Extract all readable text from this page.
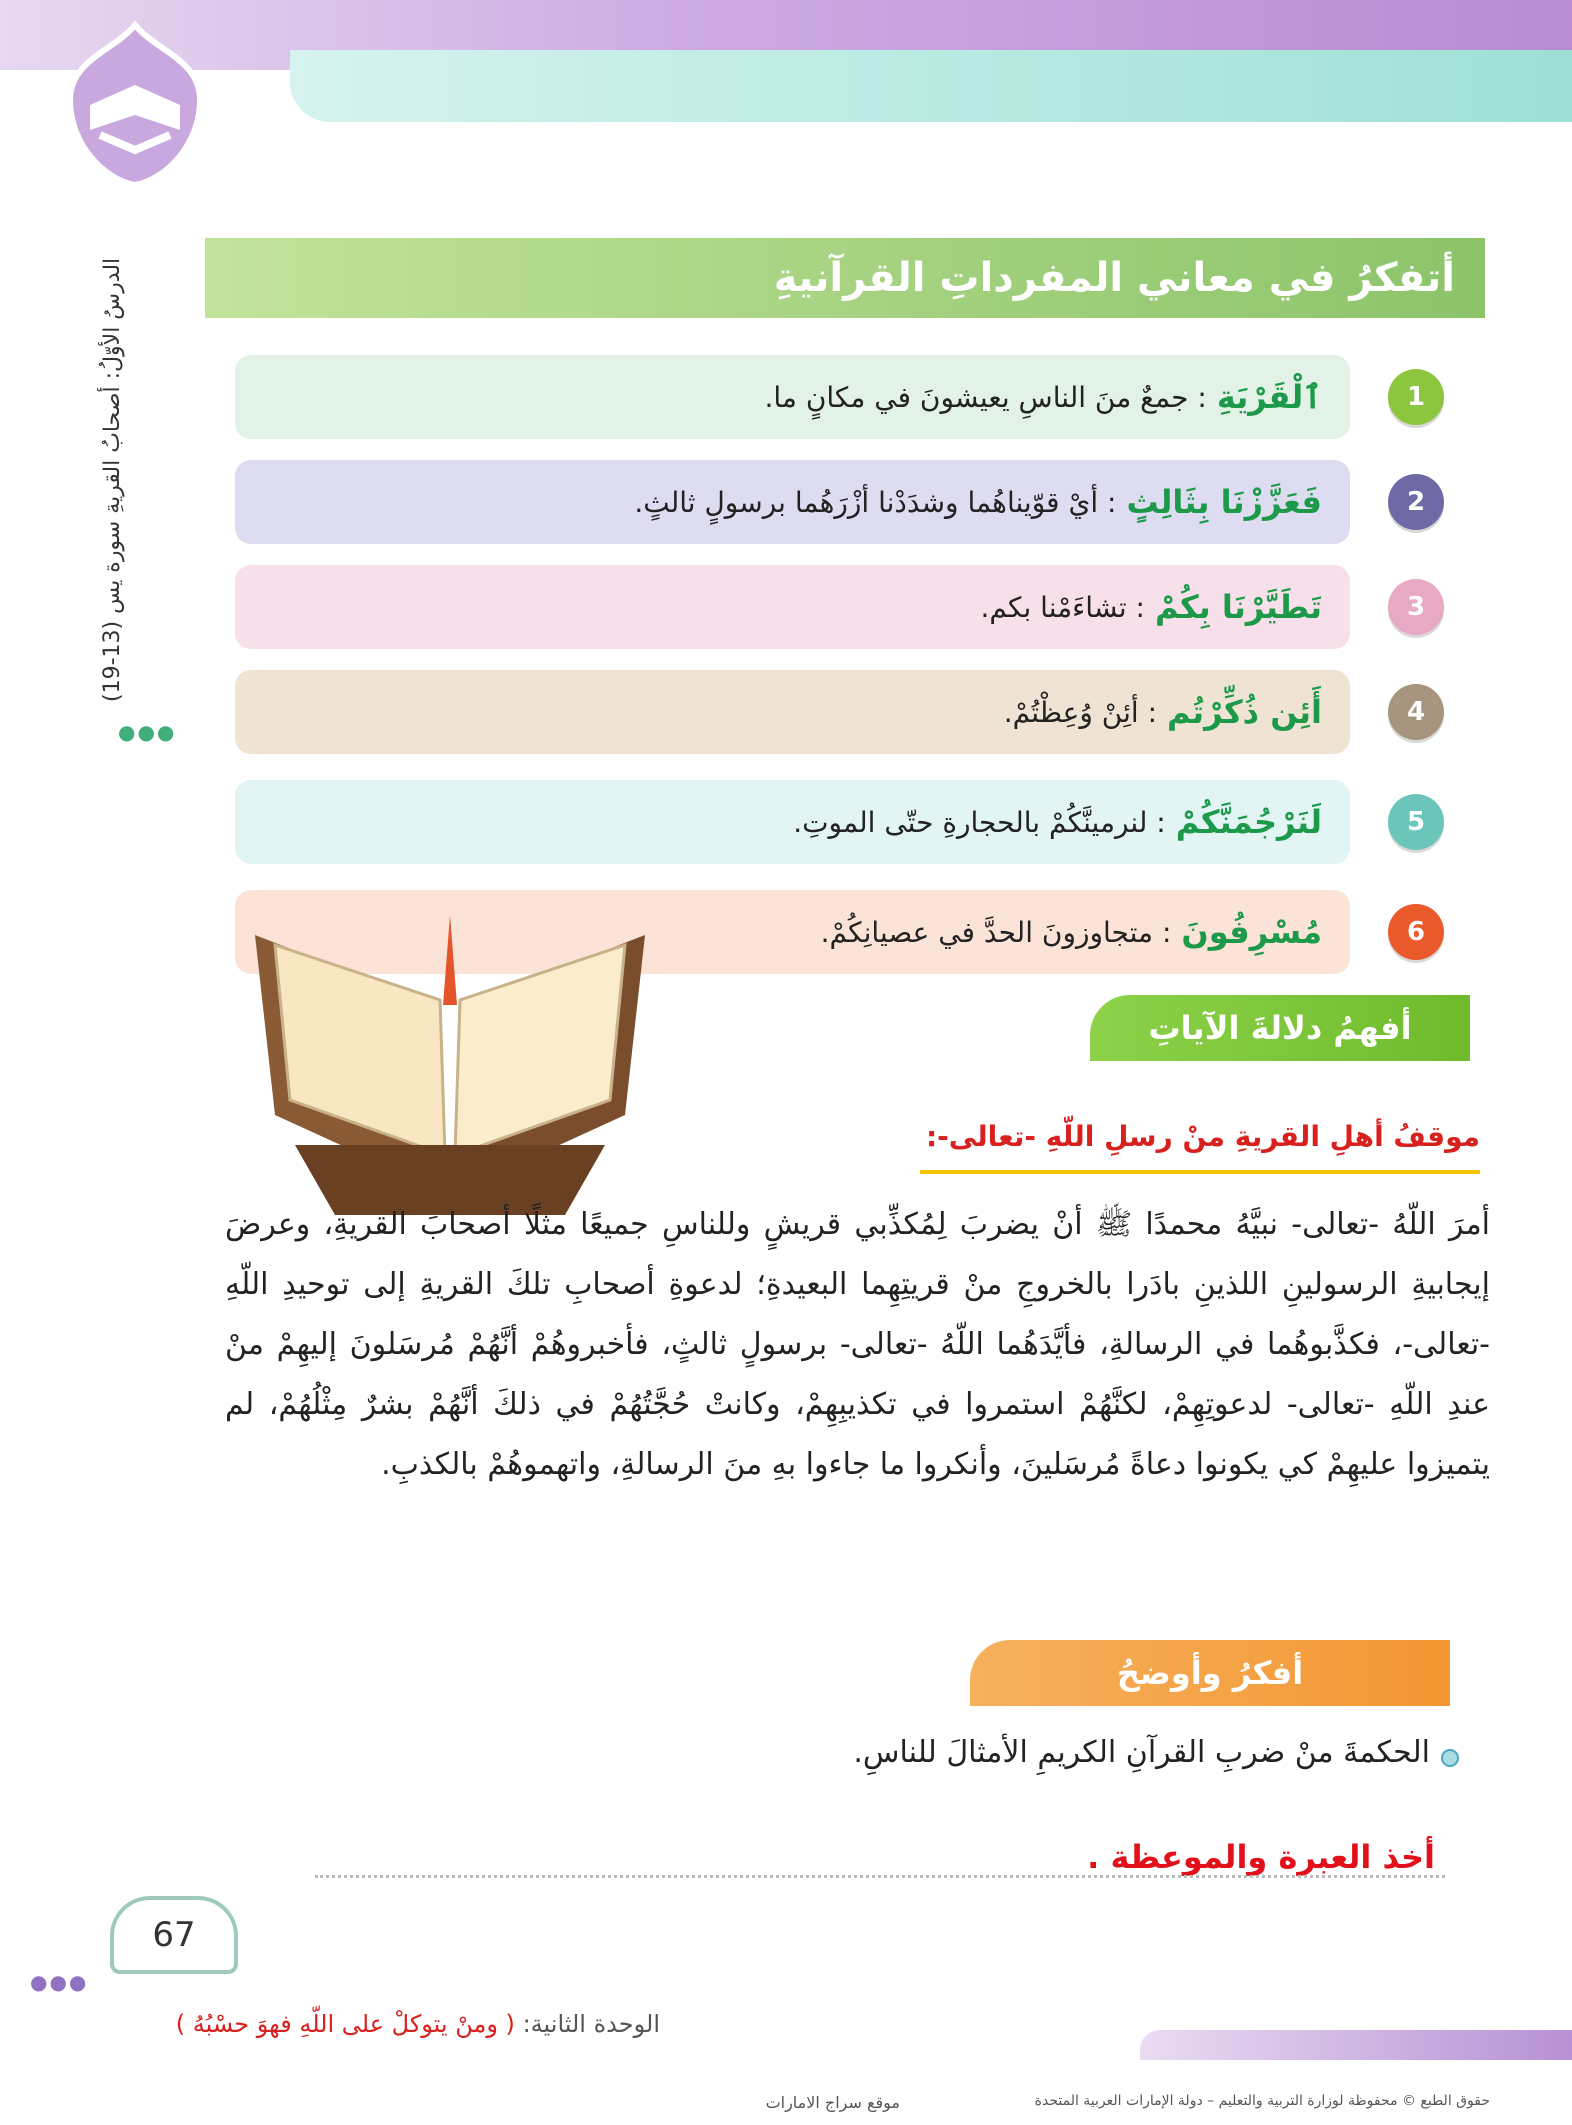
الدرسُ الأوّلُ: أصحابُ القريةِ سورة يس (13-19)
●●●
أتفكرُ في معاني المفرداتِ القرآنيةِ
ٱلْقَرْيَةِ
: جمعٌ منَ الناسِ يعيشونَ في مكانٍ ما.	1
فَعَزَّزْنَا بِثَالِثٍ
: أيْ قوّيناهُما وشدَدْنا أزْرَهُما برسولٍ ثالثٍ.	2
تَطَيَّرْنَا بِكُمْ
: تشاءَمْنا بكم.	3
أَئِن ذُكِّرْتُم
: أئِنْ وُعِظْتُمْ.	4
لَنَرْجُمَنَّكُمْ
: لنرمينَّكُمْ بالحجارةِ حتّى الموتِ.	5
مُسْرِفُونَ
: متجاوزونَ الحدَّ في عصيانِكُمْ.	6
أفهمُ دلالةَ الآياتِ
موقفُ أهلِ القريةِ منْ رسلِ اللّهِ -تعالى-:
أمرَ اللّهُ -تعالى- نبيَّهُ محمدًا ﷺ أنْ يضربَ لِمُكذِّبي قريشٍ وللناسِ جميعًا مثلًا أصحابَ القريةِ، وعرضَ إيجابيةِ الرسولينِ اللذينِ بادَرا بالخروجِ منْ قريتِهِما البعيدةِ؛ لدعوةِ أصحابِ تلكَ القريةِ إلى توحيدِ اللّهِ -تعالى-، فكذَّبوهُما في الرسالةِ، فأيَّدَهُما اللّهُ -تعالى- برسولٍ ثالثٍ، فأخبروهُمْ أنَّهُمْ مُرسَلونَ إليهِمْ منْ عندِ اللّهِ -تعالى- لدعوتِهِمْ، لكنَّهُمْ استمروا في تكذيبِهِمْ، وكانتْ حُجَّتُهُمْ في ذلكَ أنَّهُمْ بشرٌ مِثْلُهُمْ، لم يتميزوا عليهِمْ كي يكونوا دعاةً مُرسَلينَ، وأنكروا ما جاءوا بهِ منَ الرسالةِ، واتهموهُمْ بالكذبِ.
أفكرُ وأوضحُ
الحكمةَ منْ ضربِ القرآنِ الكريمِ الأمثالَ للناسِ.
أخذ العبرة والموعظة .
67
●●●
الوحدة الثانية: ( ومنْ يتوكلْ على اللّهِ فهوَ حسْبُهُ )
حقوق الطبع © محفوظة لوزارة التربية والتعليم – دولة الإمارات العربية المتحدة
موقع سراج الامارات
